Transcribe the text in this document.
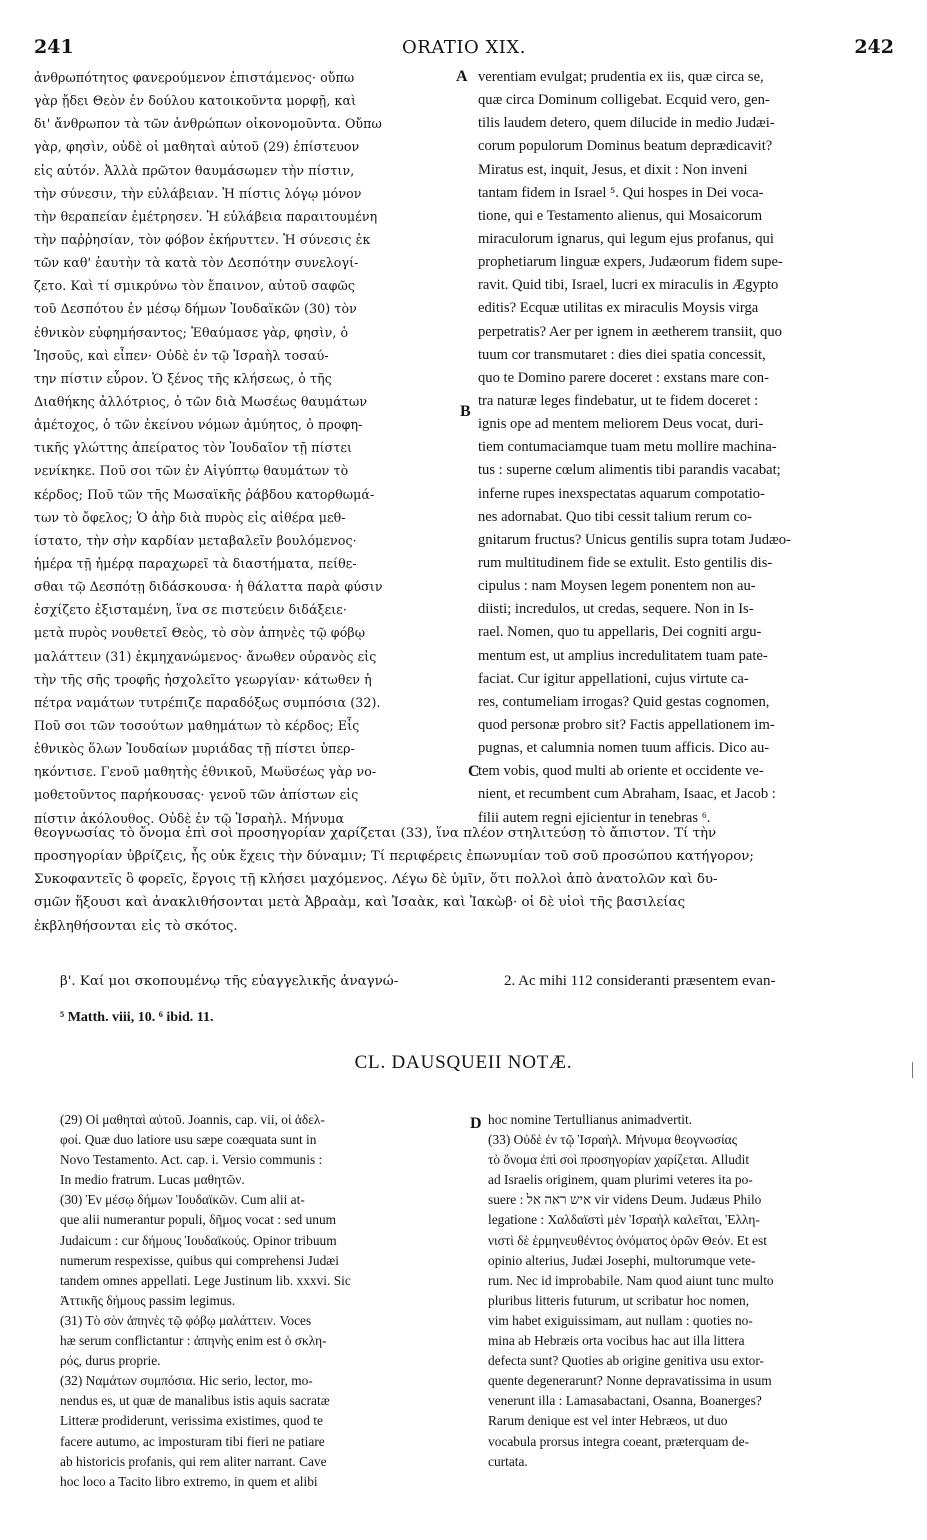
241	ORATIO XIX.	242
ἀνθρωπότητος φανερούμενον ἐπιστάμενος· οὔπω
γὰρ ᾔδει Θεὸν ἐν δούλου κατοικοῦντα μορφῇ, καὶ
δι' ἄνθρωπον τὰ τῶν ἀνθρώπων οἰκονομοῦντα. Οὔπω
γὰρ, φησὶν, οὐδὲ οἱ μαθηταὶ αὐτοῦ (29) ἐπίστευον
εἰς αὐτόν. Ἀλλὰ πρῶτον θαυμάσωμεν τὴν πίστιν,
τὴν σύνεσιν, τὴν εὐλάβειαν. Ἡ πίστις λόγῳ μόνον
τὴν θεραπείαν ἐμέτρησεν. Ἡ εὐλάβεια παραιτουμένη
τὴν παῤῥησίαν, τὸν φόβον ἐκήρυττεν. Ἡ σύνεσις ἐκ
τῶν καθ' ἑαυτὴν τὰ κατὰ τὸν Δεσπότην συνελογί-
ζετο. Καὶ τί σμικρύνω τὸν ἔπαινον, αὐτοῦ σαφῶς
τοῦ Δεσπότου ἐν μέσῳ δήμων Ἰουδαϊκῶν (30) τὸν
ἐθνικὸν εὐφημήσαντος; Ἐθαύμασε γὰρ, φησὶν, ὁ
Ἰησοῦς, καὶ εἶπεν· Οὐδὲ ἐν τῷ Ἰσραὴλ τοσαύ-
την πίστιν εὗρον. Ὁ ξένος τῆς κλήσεως, ὁ τῆς
Διαθήκης ἀλλότριος, ὁ τῶν διὰ Μωσέως θαυμάτων
ἀμέτοχος, ὁ τῶν ἐκείνου νόμων ἀμύητος, ὁ προφη-
τικῆς γλώττης ἀπείρατος τὸν Ἰουδαῖον τῇ πίστει
νενίκηκε. Ποῦ σοι τῶν ἐν Αἰγύπτῳ θαυμάτων τὸ
κέρδος; Ποῦ τῶν τῆς Μωσαϊκῆς ῥάβδου κατορθωμά-
των τὸ ὄφελος; Ὁ ἀὴρ διὰ πυρὸς εἰς αἰθέρα μεθ-
ίστατο, τὴν σὴν καρδίαν μεταβαλεῖν βουλόμενος·
ἡμέρα τῇ ἡμέρᾳ παραχωρεῖ τὰ διαστήματα, πείθε-
σθαι τῷ Δεσπότῃ διδάσκουσα· ἡ θάλαττα παρὰ φύσιν
ἐσχίζετο ἐξισταμένη, ἵνα σε πιστεύειν διδάξειε·
μετὰ πυρὸς νουθετεῖ Θεὸς, τὸ σὸν ἀπηνὲς τῷ φόβῳ
μαλάττειν (31) ἐκμηχανώμενος· ἄνωθεν οὐρανὸς εἰς
τὴν τῆς σῆς τροφῆς ἠσχολεῖτο γεωργίαν· κάτωθεν ἡ
πέτρα ναμάτων τυτρέπιζε παραδόξως συμπόσια (32).
Ποῦ σοι τῶν τοσούτων μαθημάτων τὸ κέρδος; Εἷς
ἐθνικὸς ὅλων Ἰουδαίων μυριάδας τῇ πίστει ὑπερ-
ηκόντισε. Γενοῦ μαθητὴς ἐθνικοῦ, Μωϋσέως γὰρ νο-
μοθετοῦντος παρήκουσας· γενοῦ τῶν ἀπίστων εἰς
πίστιν ἀκόλουθος. Οὐδὲ ἐν τῷ Ἰσραὴλ. Μήνυμα
verentiam evulgat; prudentia ex iis, quæ circa se,
quæ circa Dominum colligebat. Ecquid vero, gen-
tilis laudem detero, quem dilucide in medio Judæi-
corum populorum Dominus beatum deprædicavit?
Miratus est, inquit, Jesus, et dixit : Non inveni
tantam fidem in Israel ⁵. Qui hospes in Dei voca-
tione, qui e Testamento alienus, qui Mosaicorum
miraculorum ignarus, qui legum ejus profanus, qui
prophetiarum linguæ expers, Judæorum fidem supe-
ravit. Quid tibi, Israel, lucri ex miraculis in Ægypto
editis? Ecquæ utilitas ex miraculis Moysis virga
perpetratis? Aer per ignem in æetherem transiit, quo
tuum cor transmutaret : dies diei spatia concessit,
quo te Domino parere doceret : exstans mare con-
tra naturæ leges findebatur, ut te fidem doceret :
ignis ope ad mentem meliorem Deus vocat, duri-
tiem contumaciamque tuam metu mollire machina-
tus : superne cœlum alimentis tibi parandis vacabat;
inferne rupes inexspectatas aquarum compotatio-
nes adornabat. Quo tibi cessit talium rerum co-
gnitarum fructus? Unicus gentilis supra totam Judæo-
rum multitudinem fide se extulit. Esto gentilis dis-
cipulus : nam Moysen legem ponentem non au-
diisti; incredulos, ut credas, sequere. Non in Is-
rael. Nomen, quo tu appellaris, Dei cogniti argu-
mentum est, ut amplius incredulitatem tuam pate-
faciat. Cur igitur appellationi, cujus virtute ca-
res, contumeliam irrogas? Quid gestas cognomen,
quod personæ probro sit? Factis appellationem im-
pugnas, et calumnia nomen tuum afficis. Dico au-
tem vobis, quod multi ab oriente et occidente ve-
nient, et recumbent cum Abraham, Isaac, et Jacob :
filii autem regni ejicientur in tenebras ⁶.
A
B
C
D
θεογνωσίας τὸ ὄνομα ἐπὶ σοὶ προσηγορίαν χαρίζεται (33), ἵνα πλέον στηλιτεύσῃ τὸ ἄπιστον. Τί τὴν
προσηγορίαν ὑβρίζεις, ἧς οὐκ ἔχεις τὴν δύναμιν; Τί περιφέρεις ἐπωνυμίαν τοῦ σοῦ προσώπου κατήγορον;
Συκοφαντεῖς ὃ φορεῖς, ἔργοις τῇ κλήσει μαχόμενος. Λέγω δὲ ὑμῖν, ὅτι πολλοὶ ἀπὸ ἀνατολῶν καὶ δυ-
σμῶν ἥξουσι καὶ ἀνακλιθήσονται μετὰ Ἀβραὰμ, καὶ Ἰσαὰκ, καὶ Ἰακὼβ· οἱ δὲ υἱοὶ τῆς βασιλείας
ἐκβληθήσονται εἰς τὸ σκότος.
β'. Καί μοι σκοπουμένῳ τῆς εὐαγγελικῆς ἀναγνώ-	2. Ac mihi 112 consideranti præsentem evan-
⁵ Matth. viii, 10. ⁶ ibid. 11.
CL. DAUSQUEII NOTÆ.
(29) Οἱ μαθηταὶ αὐτοῦ. Joannis, cap. vii, οἱ ἀδελ-
φοί. Quæ duo latiore usu sæpe coæquata sunt in
Novo Testamento. Act. cap. i. Versio communis :
In medio fratrum. Lucas μαθητῶν.
(30) Ἐν μέσῳ δήμων Ἰουδαϊκῶν. Cum alii at-
que alii numerantur populi, δῆμος vocat : sed unum
Judaicum : cur δήμους Ἰουδαϊκούς. Opinor tribuum
numerum respexisse, quibus qui comprehensi Judæi
tandem omnes appellati. Lege Justinum lib. xxxvi. Sic
Ἀττικῆς δήμους passim legimus.
(31) Τὸ σὸν ἀπηνὲς τῷ φόβῳ μαλάττειν. Voces
hæ serum conflictantur : ἀπηνὴς enim est ὁ σκλη-
ρός, durus proprie.
(32) Ναμάτων συμπόσια. Hic serio, lector, mo-
nendus es, ut quæ de manalibus istis aquis sacratæ
Litteræ prodiderunt, verissima existimes, quod te
facere autumo, ac imposturam tibi fieri ne patiare
ab historicis profanis, qui rem aliter narrant. Cave
hoc loco a Tacito libro extremo, in quem et alibi
hoc nomine Tertullianus animadvertit.
(33) Οὐδὲ ἐν τῷ Ἰσραὴλ. Μήνυμα θεογνωσίας
τὸ ὄνομα ἐπὶ σοὶ προσηγορίαν χαρίζεται. Alludit
ad Israelis originem, quam plurimi veteres ita po-
suere : איש ראה אל vir videns Deum. Judæus Philo
legatione : Χαλδαϊστὶ μὲν Ἰσραὴλ καλεῖται, Ἑλλη-
νιστὶ δὲ ἑρμηνευθέντος ὀνόματος ὁρῶν Θεόν. Et est
opinio alterius, Judæi Josephi, multorumque vete-
rum. Nec id improbabile. Nam quod aiunt tunc multo
pluribus litteris futurum, ut scribatur hoc nomen,
vim habet exiguissimam, aut nullam : quoties no-
mina ab Hebræis orta vocibus hac aut illa littera
defecta sunt? Quoties ab origine genitiva usu extor-
quente degenerarunt? Nonne depravatissima in usum
venerunt illa : Lamasabactani, Osanna, Boanerges?
Rarum denique est vel inter Hebræos, ut duo
vocabula prorsus integra coeant, præterquam de-
curtata.
